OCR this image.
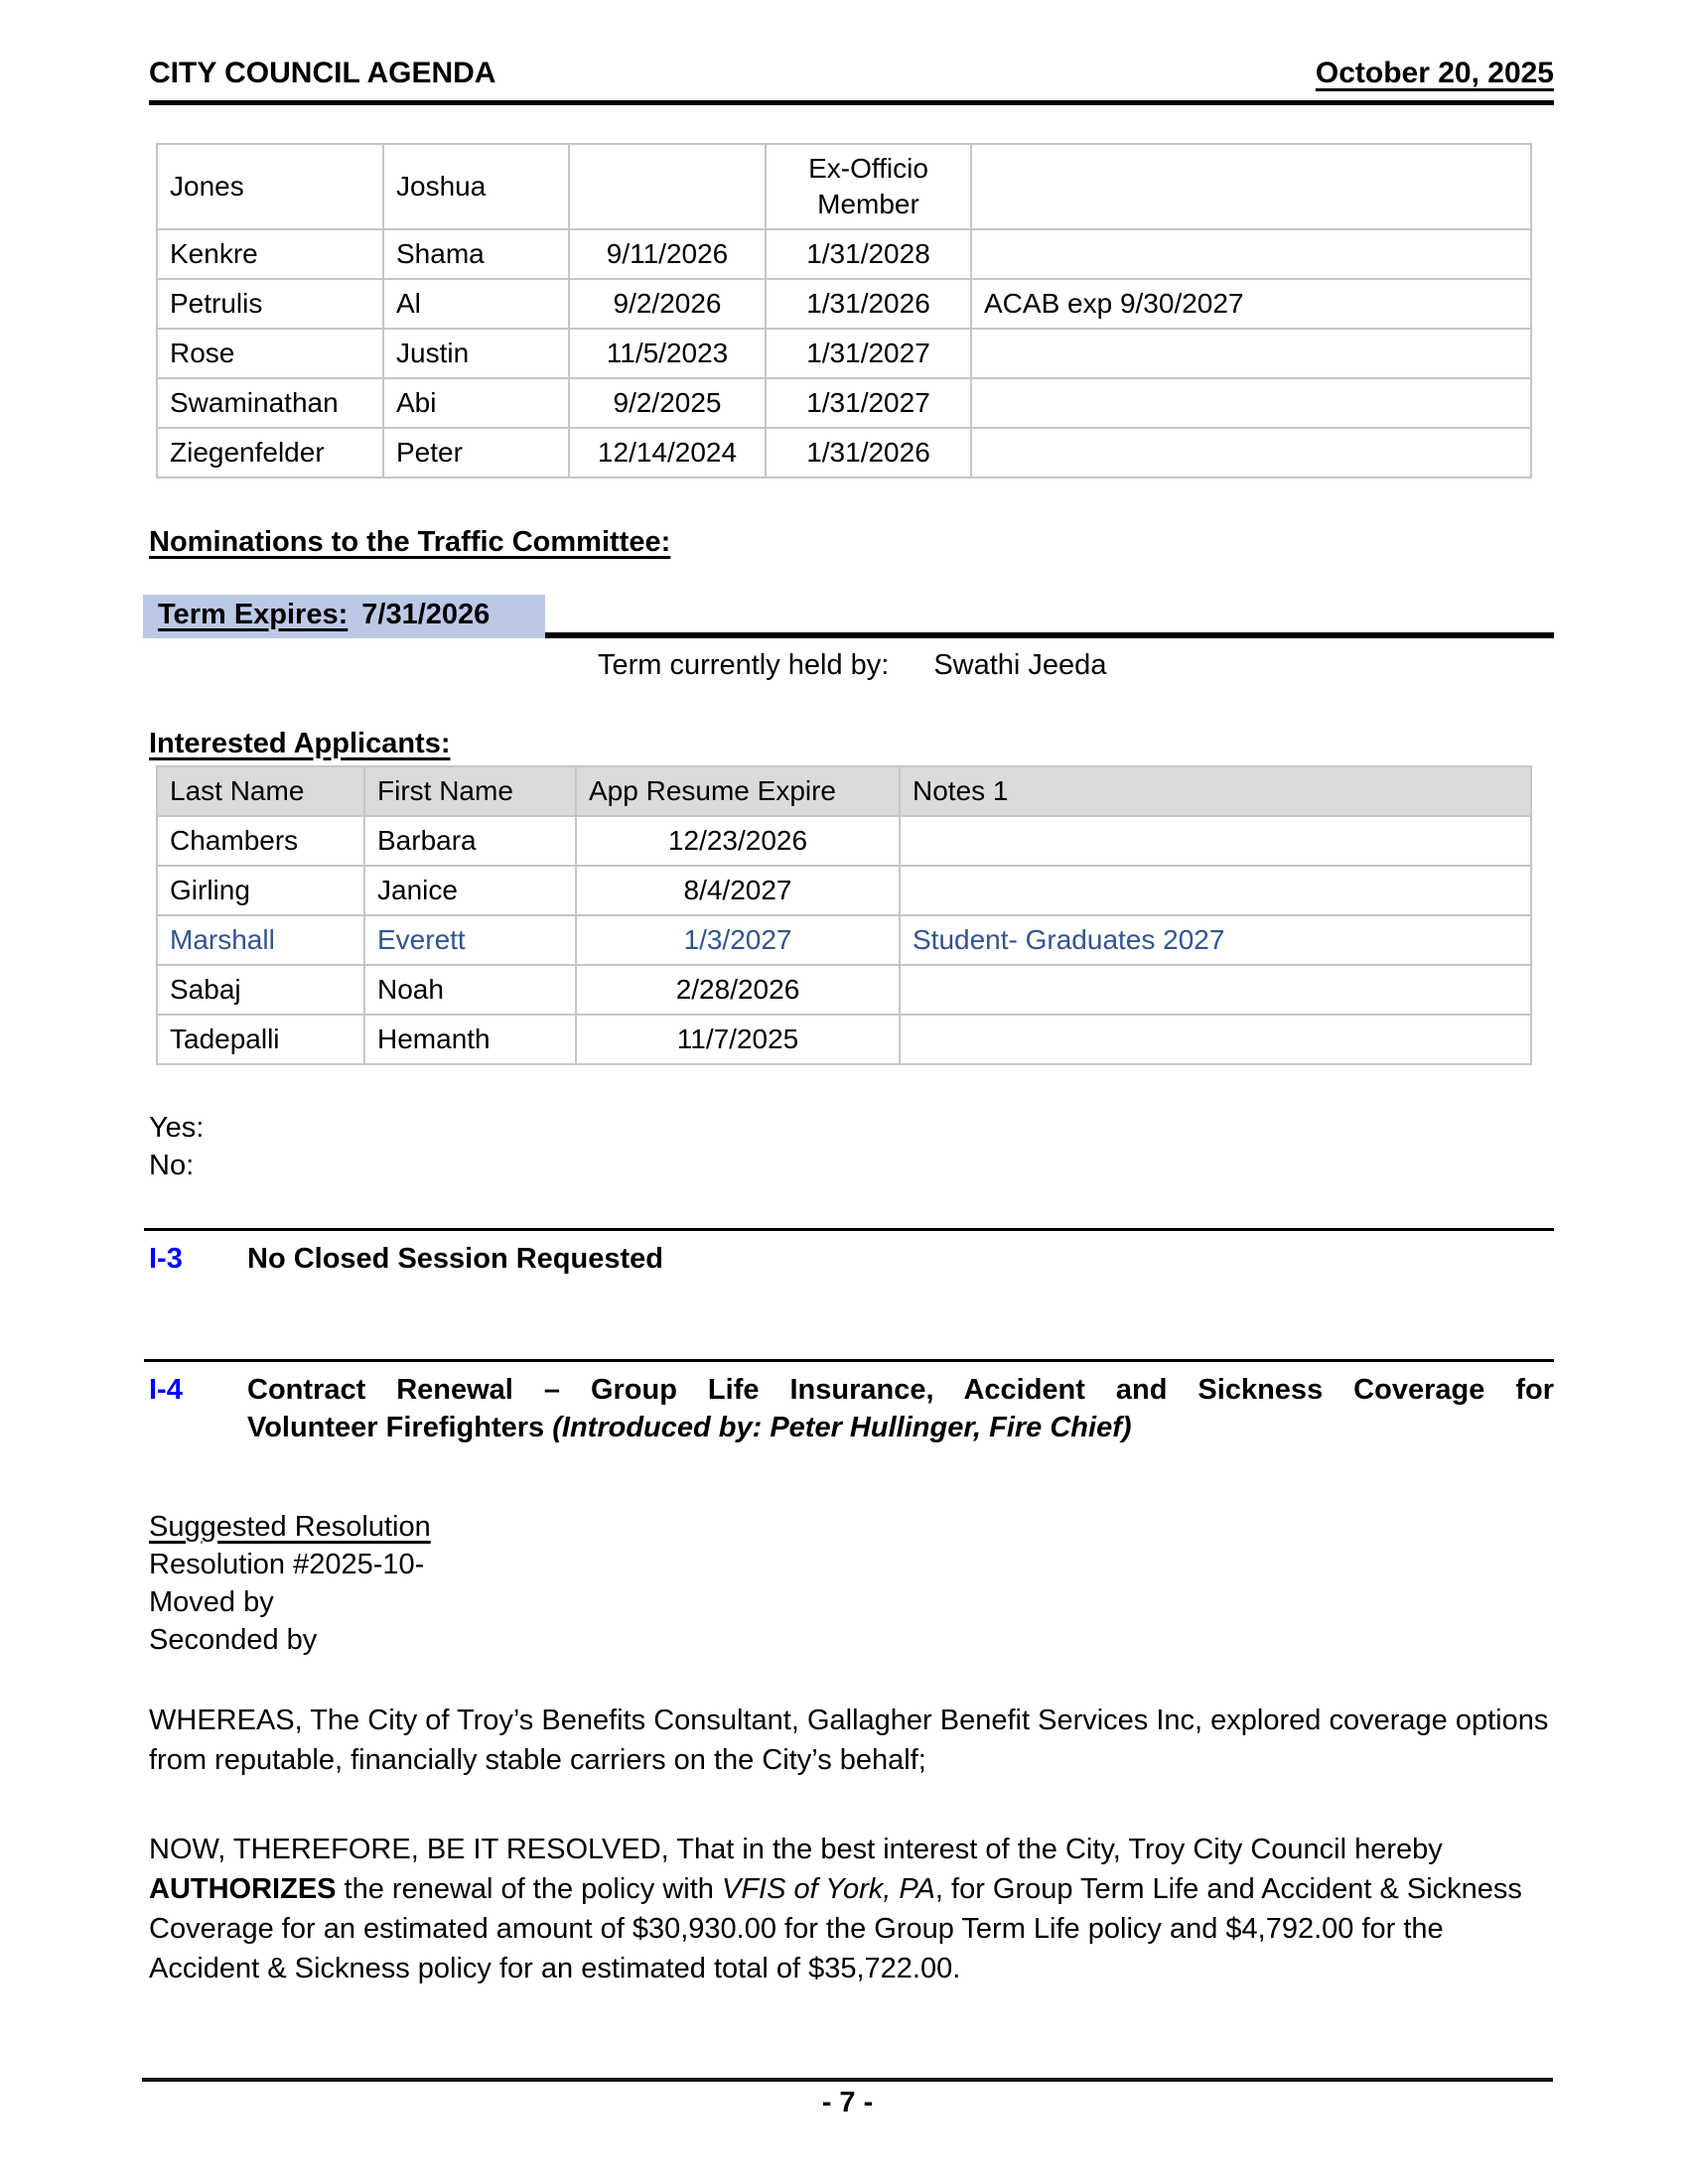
CITY COUNCIL AGENDA	October 20, 2025
Jones	Joshua		Ex-Officio Member	
Kenkre	Shama	9/11/2026	1/31/2028	
Petrulis	Al	9/2/2026	1/31/2026	ACAB exp 9/30/2027
Rose	Justin	11/5/2023	1/31/2027	
Swaminathan	Abi	9/2/2025	1/31/2027	
Ziegenfelder	Peter	12/14/2024	1/31/2026	
Nominations to the Traffic Committee:
Term Expires: 7/31/2026
Term currently held by: Swathi Jeeda
Interested Applicants:
Last Name	First Name	App Resume Expire	Notes 1
Chambers	Barbara	12/23/2026	
Girling	Janice	8/4/2027	
Marshall	Everett	1/3/2027	Student- Graduates 2027
Sabaj	Noah	2/28/2026	
Tadepalli	Hemanth	11/7/2025	
Yes:
No:
I-3	No Closed Session Requested
I-4	Contract Renewal – Group Life Insurance, Accident and Sickness Coverage for
Volunteer Firefighters (Introduced by: Peter Hullinger, Fire Chief)
Suggested Resolution
Resolution #2025-10-
Moved by
Seconded by
WHEREAS, The City of Troy’s Benefits Consultant, Gallagher Benefit Services Inc, explored coverage options from reputable, financially stable carriers on the City’s behalf;
NOW, THEREFORE, BE IT RESOLVED, That in the best interest of the City, Troy City Council hereby AUTHORIZES the renewal of the policy with VFIS of York, PA, for Group Term Life and Accident & Sickness Coverage for an estimated amount of $30,930.00 for the Group Term Life policy and $4,792.00 for the Accident & Sickness policy for an estimated total of $35,722.00.
- 7 -
